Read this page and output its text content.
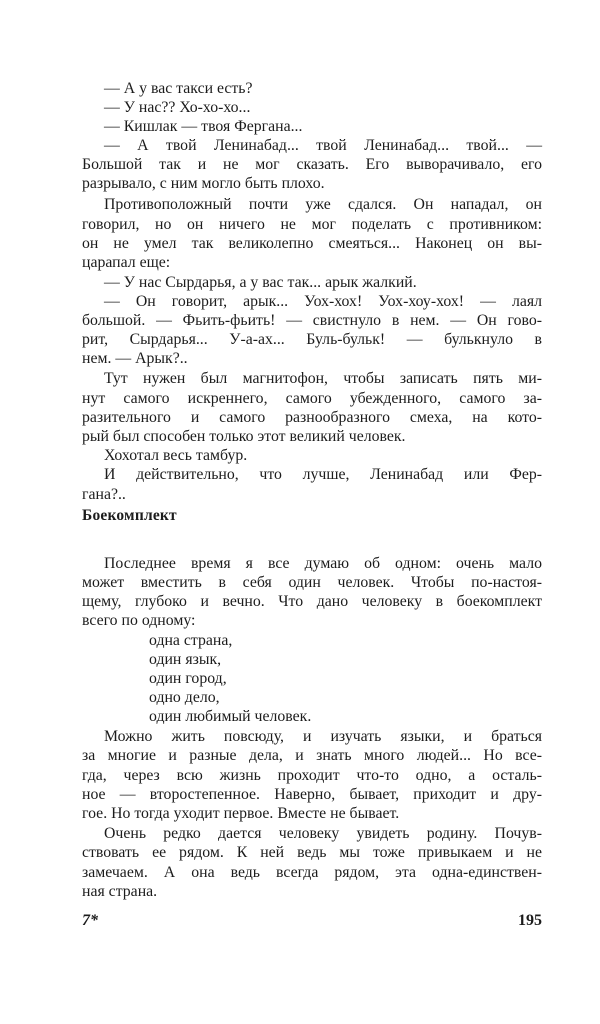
— А у вас такси есть?
— У нас?? Хо-хо-хо...
— Кишлак — твоя Фергана...
— А твой Ленинабад... твой Ленинабад... твой... —
Большой так и не мог сказать. Его выворачивало, его
разрывало, с ним могло быть плохо.
Противоположный почти уже сдался. Он нападал, он
говорил, но он ничего не мог поделать с противником:
он не умел так великолепно смеяться... Наконец он вы-
царапал еще:
— У нас Сырдарья, а у вас так... арык жалкий.
— Он говорит, арык... Уох-хох! Уох-хоу-хох! — лаял
большой. — Фьить-фьить! — свистнуло в нем. — Он гово-
рит, Сырдарья... У-а-ах... Буль-бульк! — булькнуло в
нем. — Арык?..
Тут нужен был магнитофон, чтобы записать пять ми-
нут самого искреннего, самого убежденного, самого за-
разительного и самого разнообразного смеха, на кото-
рый был способен только этот великий человек.
Хохотал весь тамбур.
И действительно, что лучше, Ленинабад или Фер-
гана?..
Боекомплект
Последнее время я все думаю об одном: очень мало
может вместить в себя один человек. Чтобы по-настоя-
щему, глубоко и вечно. Что дано человеку в боекомплект
всего по одному:
одна страна,
один язык,
один город,
одно дело,
один любимый человек.
Можно жить повсюду, и изучать языки, и браться
за многие и разные дела, и знать много людей... Но все-
гда, через всю жизнь проходит что-то одно, а осталь-
ное — второстепенное. Наверно, бывает, приходит и дру-
гое. Но тогда уходит первое. Вместе не бывает.
Очень редко дается человеку увидеть родину. Почув-
ствовать ее рядом. К ней ведь мы тоже привыкаем и не
замечаем. А она ведь всегда рядом, эта одна-единствен-
ная страна.
7*	195
